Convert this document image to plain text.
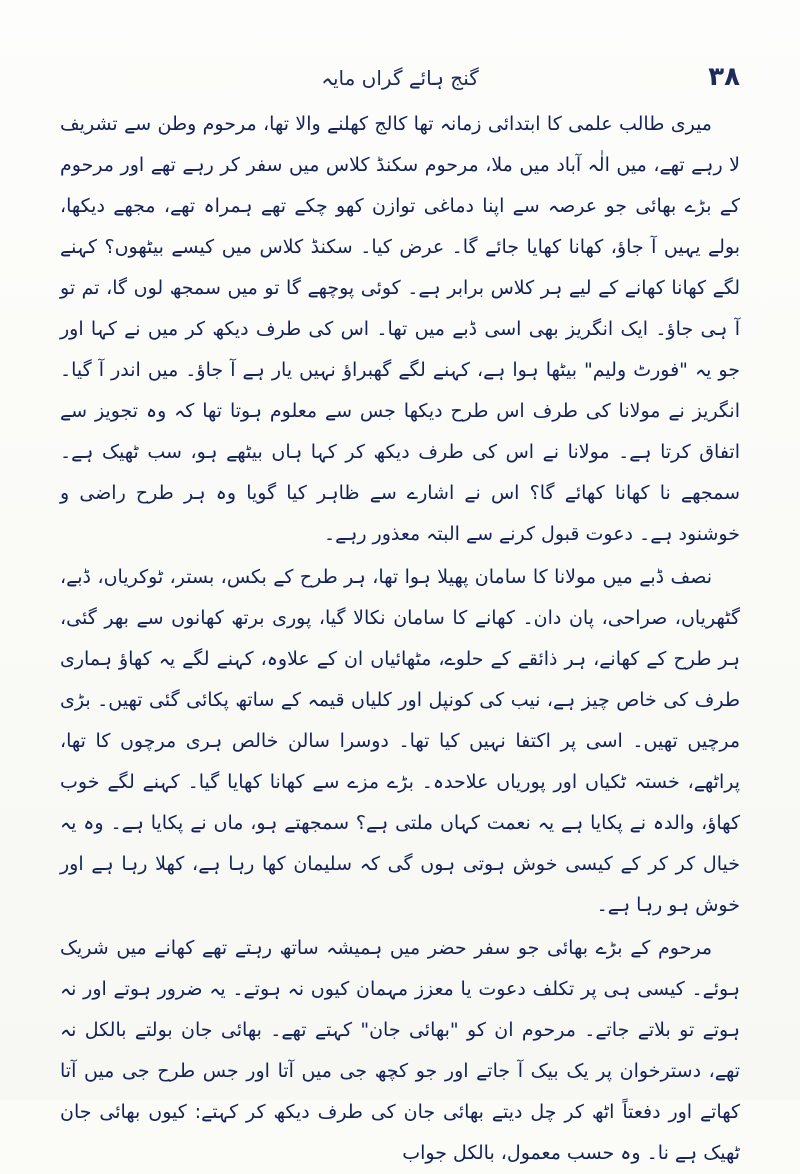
۳۸
گنج ہائے گراں مایہ

میری طالب علمی کا ابتدائی زمانہ تھا کالج کھلنے والا تھا، مرحوم وطن سے تشریف لا رہے تھے، میں الٰہ آباد میں ملا، مرحوم سکنڈ کلاس میں سفر کر رہے تھے اور مرحوم کے بڑے بھائی جو عرصہ سے اپنا دماغی توازن کھو چکے تھے ہمراہ تھے، مجھے دیکھا، بولے یہیں آ جاؤ، کھانا کھایا جائے گا۔ عرض کیا۔ سکنڈ کلاس میں کیسے بیٹھوں؟ کہنے لگے کھانا کھانے کے لیے ہر کلاس برابر ہے۔ کوئی پوچھے گا تو میں سمجھ لوں گا، تم تو آ ہی جاؤ۔ ایک انگریز بھی اسی ڈبے میں تھا۔ اس کی طرف دیکھ کر میں نے کہا اور جو یہ "فورٹ ولیم" بیٹھا ہوا ہے، کہنے لگے گھبراؤ نہیں یار ہے آ جاؤ۔ میں اندر آ گیا۔ انگریز نے مولانا کی طرف اس طرح دیکھا جس سے معلوم ہوتا تھا کہ وہ تجویز سے اتفاق کرتا ہے۔ مولانا نے اس کی طرف دیکھ کر کہا ہاں بیٹھے ہو، سب ٹھیک ہے۔ سمجھے نا کھانا کھائے گا؟ اس نے اشارے سے ظاہر کیا گویا وہ ہر طرح راضی و خوشنود ہے۔ دعوت قبول کرنے سے البتہ معذور رہے۔

نصف ڈبے میں مولانا کا سامان پھیلا ہوا تھا، ہر طرح کے بکس، بستر، ٹوکریاں، ڈبے، گٹھریاں، صراحی، پان دان۔ کھانے کا سامان نکالا گیا، پوری برتھ کھانوں سے بھر گئی، ہر طرح کے کھانے، ہر ذائقے کے حلوے، مٹھائیاں ان کے علاوہ، کہنے لگے یہ کھاؤ ہماری طرف کی خاص چیز ہے، نیب کی کونپل اور کلیاں قیمہ کے ساتھ پکائی گئی تھیں۔ بڑی مرچیں تھیں۔ اسی پر اکتفا نہیں کیا تھا۔ دوسرا سالن خالص ہری مرچوں کا تھا، پراٹھے، خستہ ٹکیاں اور پوریاں علاحدہ۔ بڑے مزے سے کھانا کھایا گیا۔ کہنے لگے خوب کھاؤ، والدہ نے پکایا ہے یہ نعمت کہاں ملتی ہے؟ سمجھتے ہو، ماں نے پکایا ہے۔ وہ یہ خیال کر کر کے کیسی خوش ہوتی ہوں گی کہ سلیمان کھا رہا ہے، کھلا رہا ہے اور خوش ہو رہا ہے۔

مرحوم کے بڑے بھائی جو سفر حضر میں ہمیشہ ساتھ رہتے تھے کھانے میں شریک ہوئے۔ کیسی ہی پر تکلف دعوت یا معزز مہمان کیوں نہ ہوتے۔ یہ ضرور ہوتے اور نہ ہوتے تو بلاتے جاتے۔ مرحوم ان کو "بھائی جان" کہتے تھے۔ بھائی جان بولتے بالکل نہ تھے، دسترخوان پر یک بیک آ جاتے اور جو کچھ جی میں آتا اور جس طرح جی میں آتا کھاتے اور دفعتاً اٹھ کر چل دیتے بھائی جان کی طرف دیکھ کر کہتے: کیوں بھائی جان ٹھیک ہے نا۔ وہ حسب معمول، بالکل جواب
